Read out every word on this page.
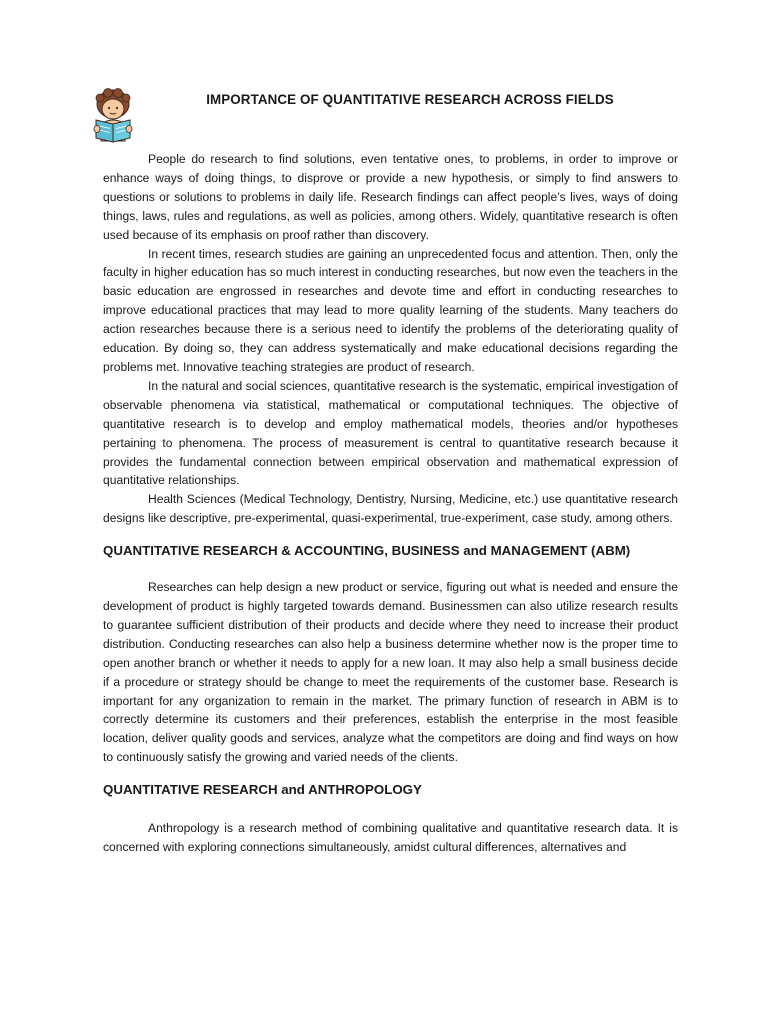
IMPORTANCE OF QUANTITATIVE RESEARCH ACROSS FIELDS

People do research to find solutions, even tentative ones, to problems, in order to improve or enhance ways of doing things, to disprove or provide a new hypothesis, or simply to find answers to questions or solutions to problems in daily life. Research findings can affect people’s lives, ways of doing things, laws, rules and regulations, as well as policies, among others. Widely, quantitative research is often used because of its emphasis on proof rather than discovery.

In recent times, research studies are gaining an unprecedented focus and attention. Then, only the faculty in higher education has so much interest in conducting researches, but now even the teachers in the basic education are engrossed in researches and devote time and effort in conducting researches to improve educational practices that may lead to more quality learning of the students. Many teachers do action researches because there is a serious need to identify the problems of the deteriorating quality of education. By doing so, they can address systematically and make educational decisions regarding the problems met. Innovative teaching strategies are product of research.

In the natural and social sciences, quantitative research is the systematic, empirical investigation of observable phenomena via statistical, mathematical or computational techniques. The objective of quantitative research is to develop and employ mathematical models, theories and/or hypotheses pertaining to phenomena. The process of measurement is central to quantitative research because it provides the fundamental connection between empirical observation and mathematical expression of quantitative relationships.

Health Sciences (Medical Technology, Dentistry, Nursing, Medicine, etc.) use quantitative research designs like descriptive, pre-experimental, quasi-experimental, true-experiment, case study, among others.

QUANTITATIVE RESEARCH & ACCOUNTING, BUSINESS and MANAGEMENT (ABM)

Researches can help design a new product or service, figuring out what is needed and ensure the development of product is highly targeted towards demand. Businessmen can also utilize research results to guarantee sufficient distribution of their products and decide where they need to increase their product distribution. Conducting researches can also help a business determine whether now is the proper time to open another branch or whether it needs to apply for a new loan. It may also help a small business decide if a procedure or strategy should be change to meet the requirements of the customer base. Research is important for any organization to remain in the market. The primary function of research in ABM is to correctly determine its customers and their preferences, establish the enterprise in the most feasible location, deliver quality goods and services, analyze what the competitors are doing and find ways on how to continuously satisfy the growing and varied needs of the clients.

QUANTITATIVE RESEARCH and ANTHROPOLOGY

Anthropology is a research method of combining qualitative and quantitative research data. It is concerned with exploring connections simultaneously, amidst cultural differences, alternatives and
